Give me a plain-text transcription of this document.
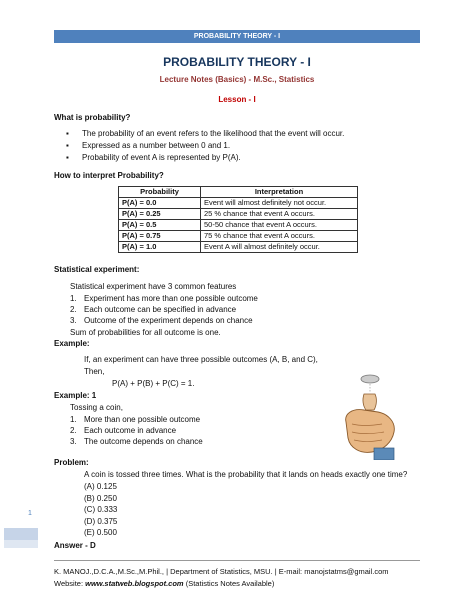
PROBABILITY THEORY - I
PROBABILITY THEORY - I
Lecture Notes (Basics) - M.Sc., Statistics
Lesson - I
What is probability?
▪ The probability of an event refers to the likelihood that the event will occur.
▪ Expressed as a number between 0 and 1.
▪ Probability of event A is represented by P(A).
How to interpret Probability?
Probability	Interpretation
P(A) = 0.0	Event will almost definitely not occur.
P(A) = 0.25	25 % chance that event A occurs.
P(A) = 0.5	50-50 chance that event A occurs.
P(A) = 0.75	75 % chance that event A occurs.
P(A) = 1.0	Event A will almost definitely occur.
Statistical experiment:
Statistical experiment have 3 common features
1. Experiment has more than one possible outcome
2. Each outcome can be specified in advance
3. Outcome of the experiment depends on chance
Sum of probabilities for all outcome is one.
Example:
If, an experiment can have three possible outcomes (A, B, and C),
Then,
P(A) + P(B) + P(C) = 1.
Example: 1
Tossing a coin,
1. More than one possible outcome
2. Each outcome in advance
3. The outcome depends on chance
Problem:
A coin is tossed three times. What is the probability that it lands on heads exactly one time?
(A) 0.125
(B) 0.250
(C) 0.333
(D) 0.375
(E) 0.500
Answer - D
1
K. MANOJ.,D.C.A.,M.Sc.,M.Phil., | Department of Statistics, MSU. | E-mail: manojstatms@gmail.com
Website: www.statweb.blogspot.com (Statistics Notes Available)
